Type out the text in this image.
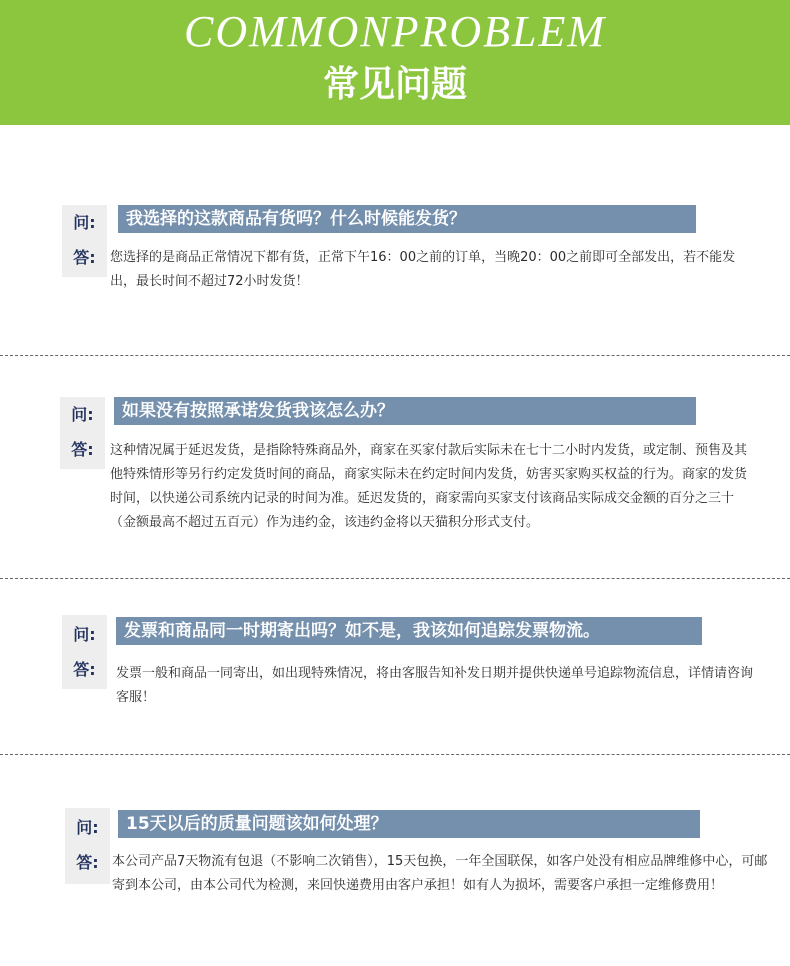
COMMONPROBLEM
常见问题
问:
答:
我选择的这款商品有货吗？什么时候能发货？
您选择的是商品正常情况下都有货，正常下午16：00之前的订单，当晚20：00之前即可全部发出，若不能发出，最长时间不超过72小时发货！
问:
答:
如果没有按照承诺发货我该怎么办？
这种情况属于延迟发货，是指除特殊商品外，商家在买家付款后实际未在七十二小时内发货，或定制、预售及其他特殊情形等另行约定发货时间的商品，商家实际未在约定时间内发货，妨害买家购买权益的行为。商家的发货时间，以快递公司系统内记录的时间为准。延迟发货的，商家需向买家支付该商品实际成交金额的百分之三十（金额最高不超过五百元）作为违约金，该违约金将以天猫积分形式支付。
问:
答:
发票和商品同一时期寄出吗？如不是，我该如何追踪发票物流。
发票一般和商品一同寄出，如出现特殊情况，将由客服告知补发日期并提供快递单号追踪物流信息，详情请咨询客服！
问:
答:
15天以后的质量问题该如何处理？
本公司产品7天物流有包退（不影响二次销售），15天包换，一年全国联保，如客户处没有相应品牌维修中心，可邮寄到本公司，由本公司代为检测，来回快递费用由客户承担！如有人为损坏，需要客户承担一定维修费用！
